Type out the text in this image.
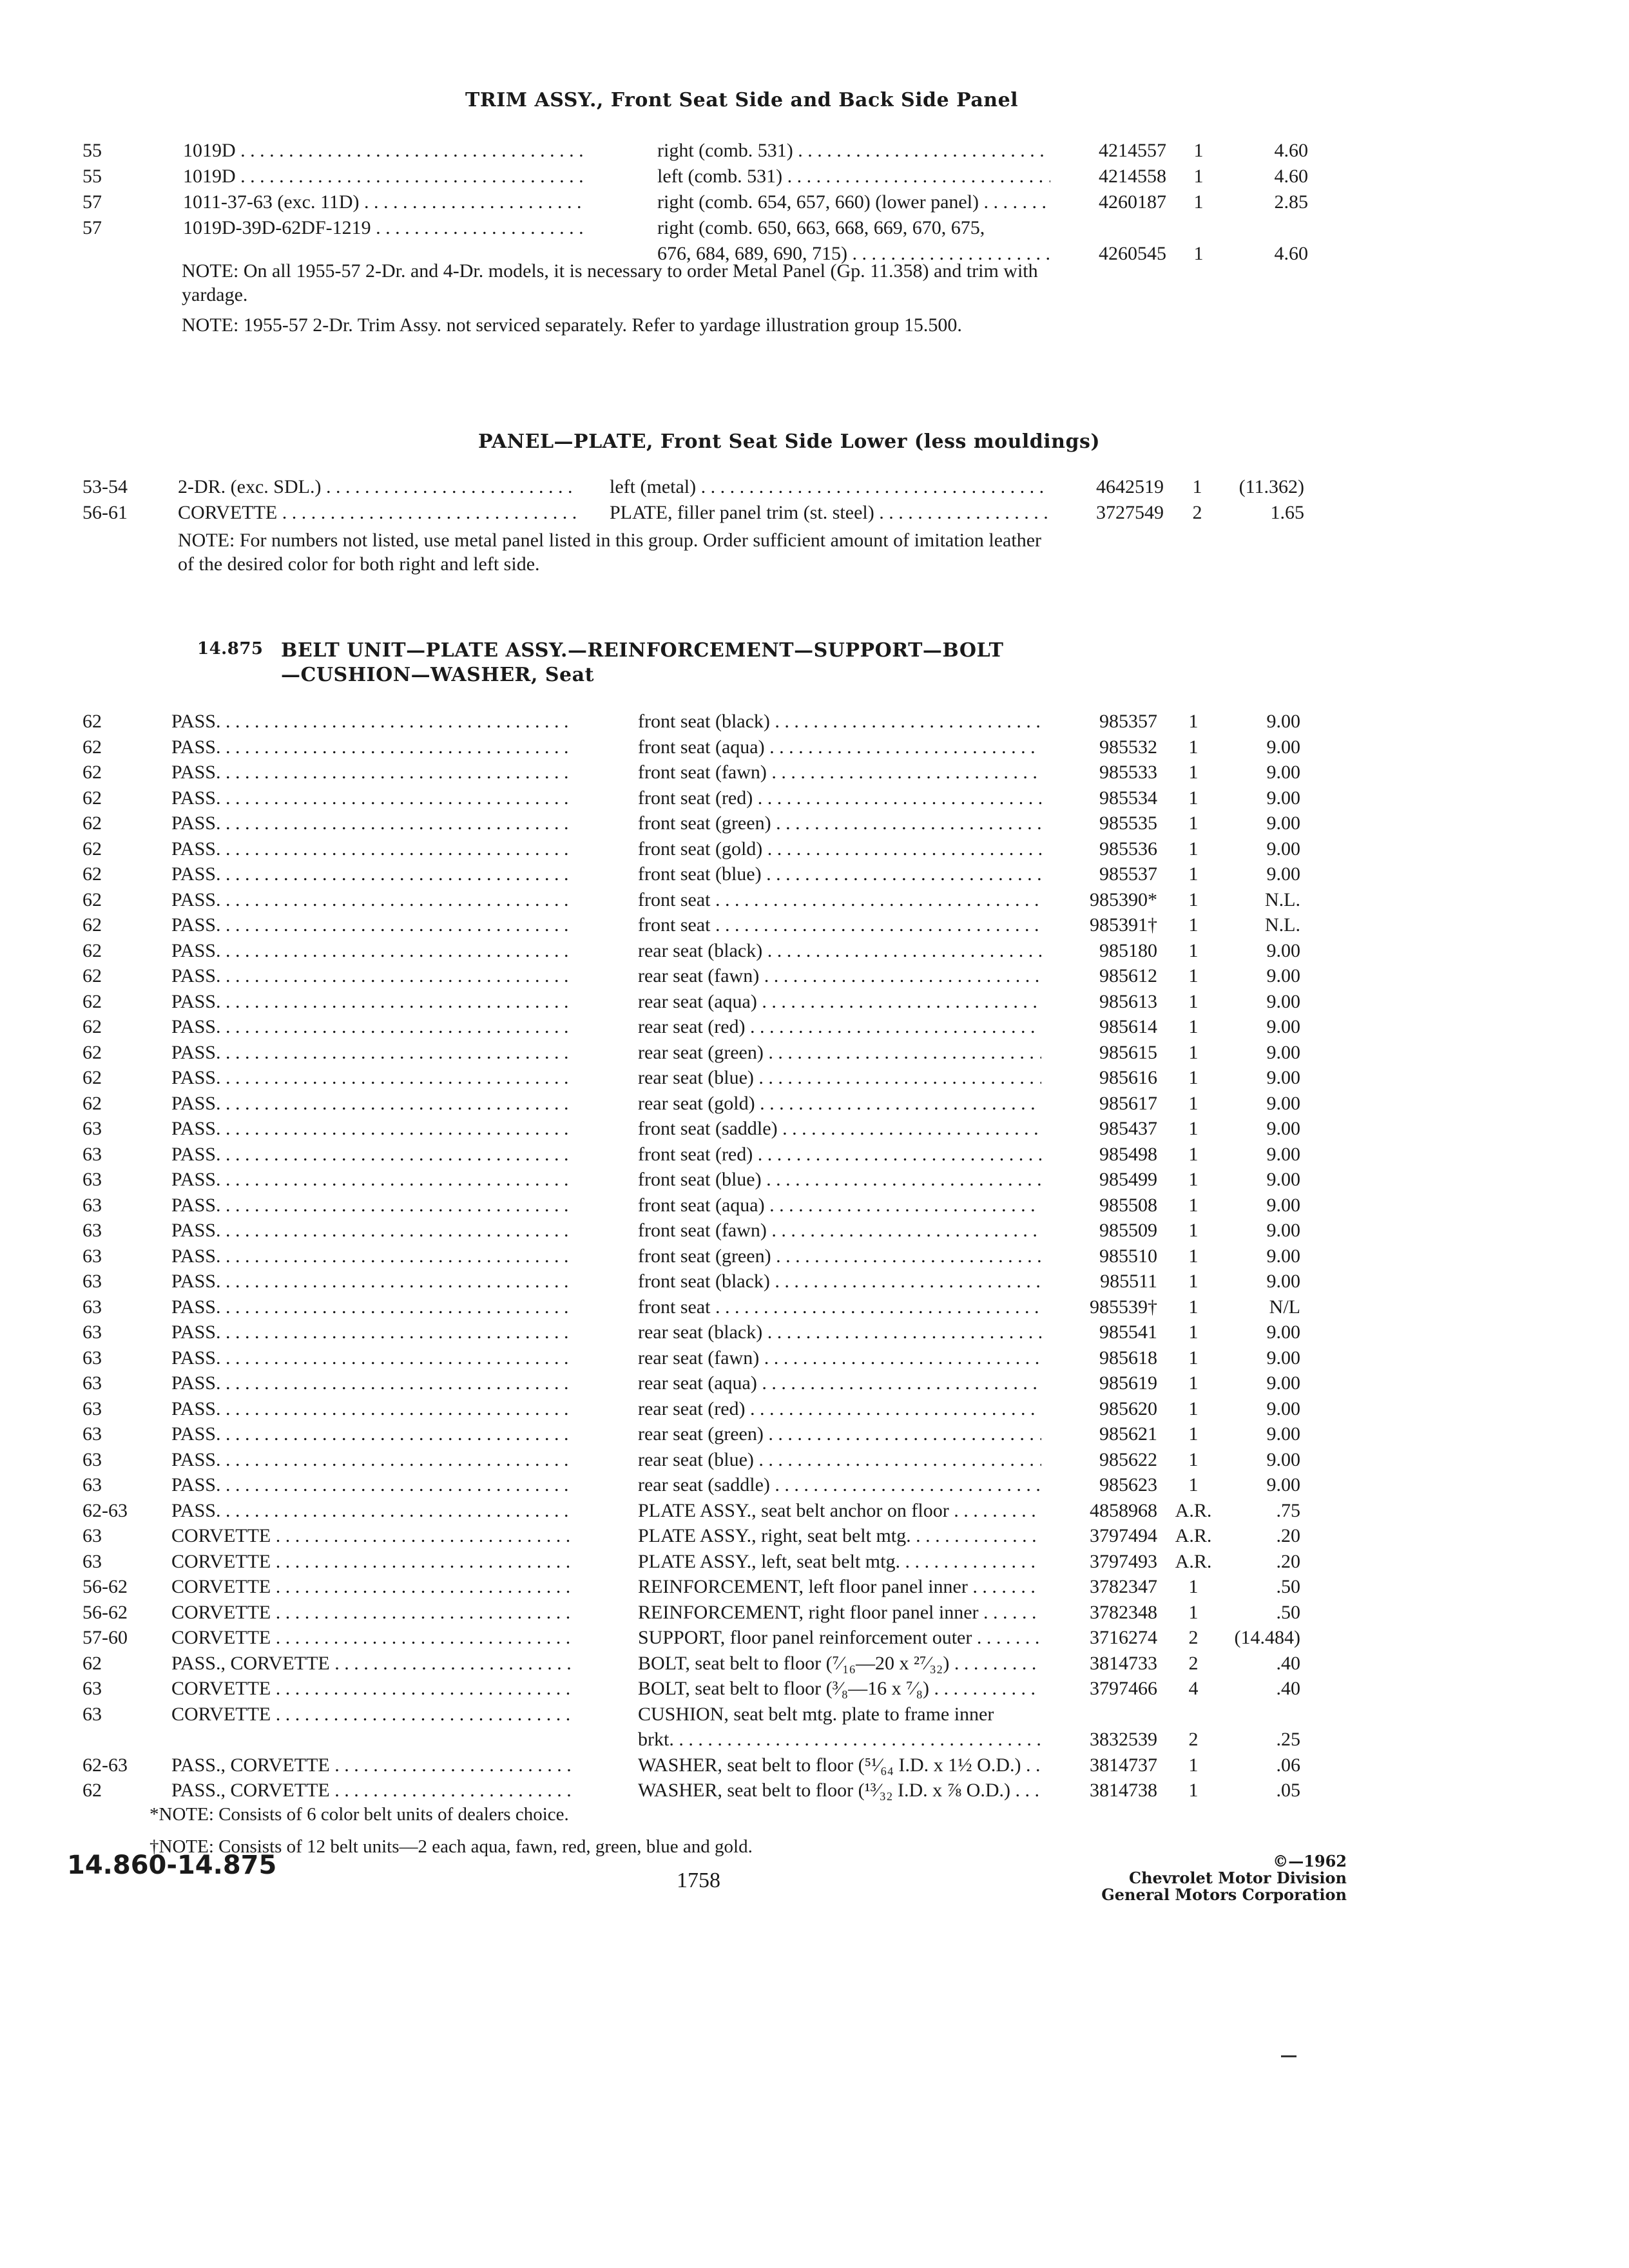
TRIM ASSY., Front Seat Side and Back Side Panel
55	1019D . . .	right (comb. 531) . . .	4214557	1	4.60
55	1019D . . .	left (comb. 531) . . .	4214558	1	4.60
57	1011-37-63 (exc. 11D) . . .	right (comb. 654, 657, 660) (lower panel) . . .	4260187	1	2.85
57	1019D-39D-62DF-1219 . . .	right (comb. 650, 663, 668, 669, 670, 675,
676, 684, 689, 690, 715) . . .	4260545	1	4.60
NOTE: On all 1955-57 2-Dr. and 4-Dr. models, it is necessary to order Metal Panel (Gp. 11.358) and trim with yardage.
NOTE: 1955-57 2-Dr. Trim Assy. not serviced separately. Refer to yardage illustration group 15.500.
PANEL—PLATE, Front Seat Side Lower (less mouldings)
53-54	2-DR. (exc. SDL.) . . .	left (metal) . . .	4642519	1	(11.362)
56-61	CORVETTE . . .	PLATE, filler panel trim (st. steel) . . .	3727549	2	1.65
NOTE: For numbers not listed, use metal panel listed in this group. Order sufficient amount of imitation leather of the desired color for both right and left side.
14.875 BELT UNIT—PLATE ASSY.—REINFORCEMENT—SUPPORT—BOLT
—CUSHION—WASHER, Seat
62	PASS. . . .	front seat (black) . . .	985357	1	9.00
62	PASS. . . .	front seat (aqua) . . .	985532	1	9.00
62	PASS. . . .	front seat (fawn) . . .	985533	1	9.00
62	PASS. . . .	front seat (red) . . .	985534	1	9.00
62	PASS. . . .	front seat (green) . . .	985535	1	9.00
62	PASS. . . .	front seat (gold) . . .	985536	1	9.00
62	PASS. . . .	front seat (blue) . . .	985537	1	9.00
62	PASS. . . .	front seat . . .	985390*	1	N.L.
62	PASS. . . .	front seat . . .	985391†	1	N.L.
62	PASS. . . .	rear seat (black) . . .	985180	1	9.00
62	PASS. . . .	rear seat (fawn) . . .	985612	1	9.00
62	PASS. . . .	rear seat (aqua) . . .	985613	1	9.00
62	PASS. . . .	rear seat (red) . . .	985614	1	9.00
62	PASS. . . .	rear seat (green) . . .	985615	1	9.00
62	PASS. . . .	rear seat (blue) . . .	985616	1	9.00
62	PASS. . . .	rear seat (gold) . . .	985617	1	9.00
63	PASS. . . .	front seat (saddle) . . .	985437	1	9.00
63	PASS. . . .	front seat (red) . . .	985498	1	9.00
63	PASS. . . .	front seat (blue) . . .	985499	1	9.00
63	PASS. . . .	front seat (aqua) . . .	985508	1	9.00
63	PASS. . . .	front seat (fawn) . . .	985509	1	9.00
63	PASS. . . .	front seat (green) . . .	985510	1	9.00
63	PASS. . . .	front seat (black) . . .	985511	1	9.00
63	PASS. . . .	front seat . . .	985539†	1	N/L
63	PASS. . . .	rear seat (black) . . .	985541	1	9.00
63	PASS. . . .	rear seat (fawn) . . .	985618	1	9.00
63	PASS. . . .	rear seat (aqua) . . .	985619	1	9.00
63	PASS. . . .	rear seat (red) . . .	985620	1	9.00
63	PASS. . . .	rear seat (green) . . .	985621	1	9.00
63	PASS. . . .	rear seat (blue) . . .	985622	1	9.00
63	PASS. . . .	rear seat (saddle) . . .	985623	1	9.00
62-63	PASS. . . .	PLATE ASSY., seat belt anchor on floor . . .	4858968 A.R.	.75
63	CORVETTE . . .	PLATE ASSY., right, seat belt mtg. . . .	3797494 A.R.	.20
63	CORVETTE . . .	PLATE ASSY., left, seat belt mtg. . . .	3797493 A.R.	.20
56-62	CORVETTE . . .	REINFORCEMENT, left floor panel inner . . .	3782347	1	.50
56-62	CORVETTE . . .	REINFORCEMENT, right floor panel inner . . .	3782348	1	.50
57-60	CORVETTE . . .	SUPPORT, floor panel reinforcement outer . . .	3716274	2	(14.484)
62	PASS., CORVETTE . . .	BOLT, seat belt to floor (⁷⁄₁₆—20 x ²⁷⁄₃₂) . . .	3814733	2	.40
63	CORVETTE . . .	BOLT, seat belt to floor (³⁄₈—16 x ⁷⁄₈) . . .	3797466	4	.40
63	CORVETTE . . .	CUSHION, seat belt mtg. plate to frame inner
brkt. . . .	3832539	2	.25
62-63	PASS., CORVETTE . . .	WASHER, seat belt to floor (⁵¹⁄₆₄ I.D. x 1½ O.D.) . . .	3814737	1	.06
62	PASS., CORVETTE . . .	WASHER, seat belt to floor (¹³⁄₃₂ I.D. x ⅞ O.D.) . . .	3814738	1	.05
*NOTE: Consists of 6 color belt units of dealers choice.
†NOTE: Consists of 12 belt units—2 each aqua, fawn, red, green, blue and gold.
14.860-14.875
1758
©—1962
Chevrolet Motor Division
General Motors Corporation
